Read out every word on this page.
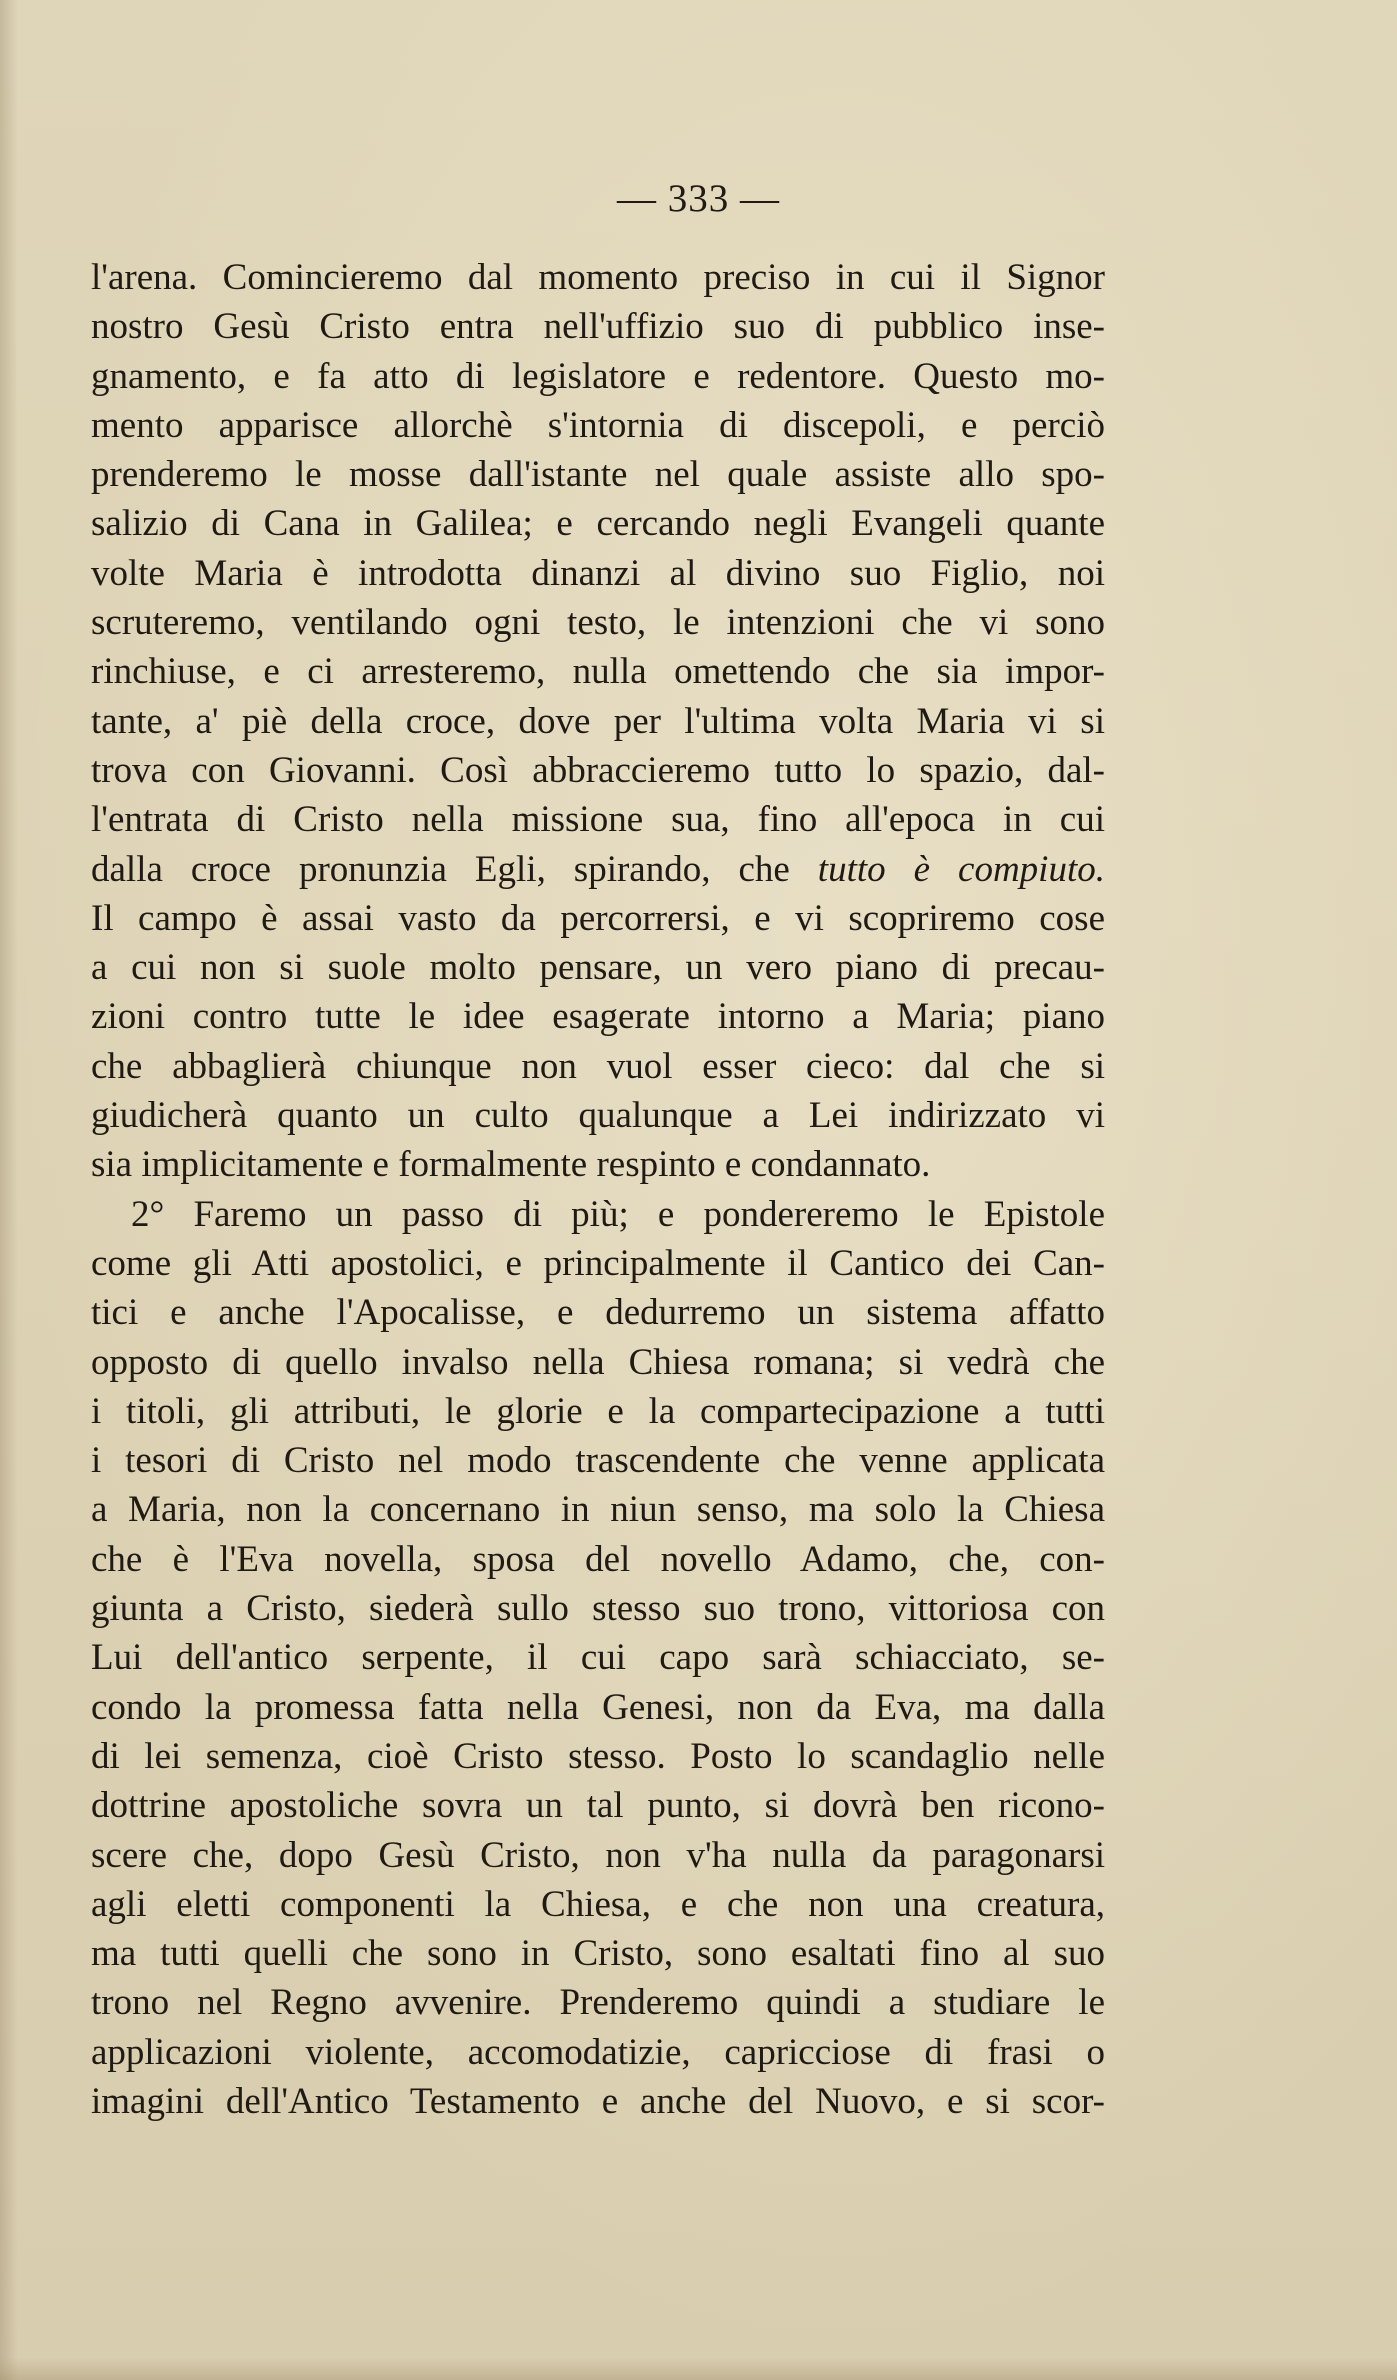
— 333 —
l'arena. Comincieremo dal momento preciso in cui il Signor
nostro Gesù Cristo entra nell'uffizio suo di pubblico inse-
gnamento, e fa atto di legislatore e redentore. Questo mo-
mento apparisce allorchè s'intornia di discepoli, e perciò
prenderemo le mosse dall'istante nel quale assiste allo spo-
salizio di Cana in Galilea; e cercando negli Evangeli quante
volte Maria è introdotta dinanzi al divino suo Figlio, noi
scruteremo, ventilando ogni testo, le intenzioni che vi sono
rinchiuse, e ci arresteremo, nulla omettendo che sia impor-
tante, a' piè della croce, dove per l'ultima volta Maria vi si
trova con Giovanni. Così abbraccieremo tutto lo spazio, dal-
l'entrata di Cristo nella missione sua, fino all'epoca in cui
dalla croce pronunzia Egli, spirando, che tutto è compiuto.
Il campo è assai vasto da percorrersi, e vi scopriremo cose
a cui non si suole molto pensare, un vero piano di precau-
zioni contro tutte le idee esagerate intorno a Maria; piano
che abbaglierà chiunque non vuol esser cieco: dal che si
giudicherà quanto un culto qualunque a Lei indirizzato vi
sia implicitamente e formalmente respinto e condannato.
2° Faremo un passo di più; e pondereremo le Epistole
come gli Atti apostolici, e principalmente il Cantico dei Can-
tici e anche l'Apocalisse, e dedurremo un sistema affatto
opposto di quello invalso nella Chiesa romana; si vedrà che
i titoli, gli attributi, le glorie e la compartecipazione a tutti
i tesori di Cristo nel modo trascendente che venne applicata
a Maria, non la concernano in niun senso, ma solo la Chiesa
che è l'Eva novella, sposa del novello Adamo, che, con-
giunta a Cristo, siederà sullo stesso suo trono, vittoriosa con
Lui dell'antico serpente, il cui capo sarà schiacciato, se-
condo la promessa fatta nella Genesi, non da Eva, ma dalla
di lei semenza, cioè Cristo stesso. Posto lo scandaglio nelle
dottrine apostoliche sovra un tal punto, si dovrà ben ricono-
scere che, dopo Gesù Cristo, non v'ha nulla da paragonarsi
agli eletti componenti la Chiesa, e che non una creatura,
ma tutti quelli che sono in Cristo, sono esaltati fino al suo
trono nel Regno avvenire. Prenderemo quindi a studiare le
applicazioni violente, accomodatizie, capricciose di frasi o
imagini dell'Antico Testamento e anche del Nuovo, e si scor-
